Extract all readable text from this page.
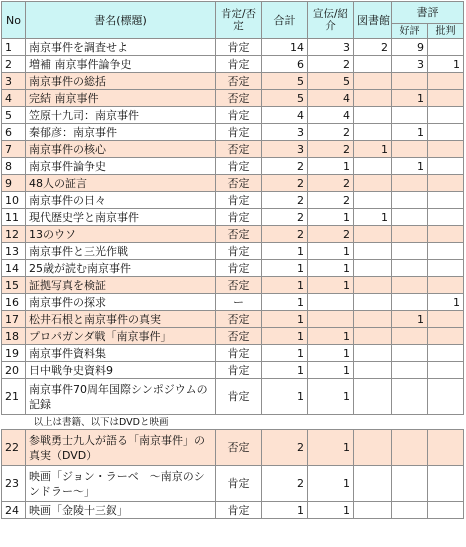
No	書名(標題)	肯定/否定	合計	宣伝/紹介	図書館	書評	
						好評	批判
1	南京事件を調査せよ	肯定	14	3	2	9	
2	増補 南京事件論争史	肯定	6	2		3	1
3	南京事件の総括	否定	5	5			
4	完結 南京事件	否定	5	4		1	
5	笠原十九司：南京事件	肯定	4	4			
6	秦郁彦：南京事件	肯定	3	2		1	
7	南京事件の核心	否定	3	2	1		
8	南京事件論争史	肯定	2	1		1	
9	48人の証言	否定	2	2			
10	南京事件の日々	肯定	2	2			
11	現代歴史学と南京事件	肯定	2	1	1		
12	13のウソ	否定	2	2			
13	南京事件と三光作戦	肯定	1	1			
14	25歳が読む南京事件	肯定	1	1			
15	証拠写真を検証	否定	1	1			
16	南京事件の探求	ー	1				1
17	松井石根と南京事件の真実	否定	1			1	
18	プロパガンダ戦「南京事件」	否定	1	1			
19	南京事件資料集	肯定	1	1			
20	日中戦争史資料9	肯定	1	1			
21	南京事件70周年国際シンポジウムの記録	肯定	1	1			
以上は書籍、以下はDVDと映画							
22	参戦勇士九人が語る「南京事件」の真実（DVD）	否定	2	1			
23	映画「ジョン・ラーベ　～南京のシンドラー～」	肯定	2	1			
24	映画「金陵十三釵」	肯定	1	1			
